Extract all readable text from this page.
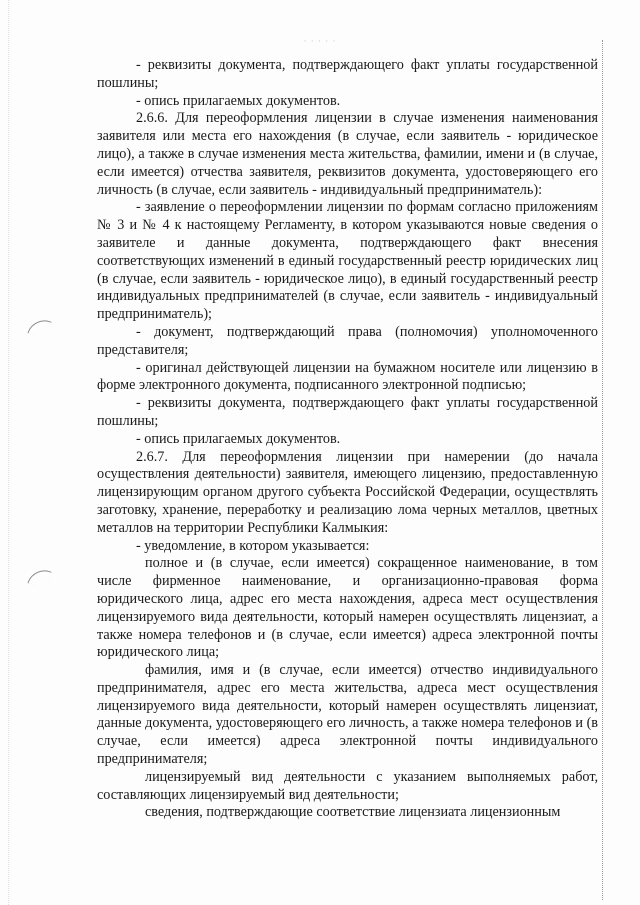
· · · · ·

- реквизиты документа, подтверждающего факт уплаты государственной пошлины;

- опись прилагаемых документов.

2.6.6. Для переоформления лицензии в случае изменения наименования заявителя или места его нахождения (в случае, если заявитель - юридическое лицо), а также в случае изменения места жительства, фамилии, имени и (в случае, если имеется) отчества заявителя, реквизитов документа, удостоверяющего его личность (в случае, если заявитель - индивидуальный предприниматель):

- заявление о переоформлении лицензии по формам согласно приложениям № 3 и № 4 к настоящему Регламенту, в котором указываются новые сведения о заявителе и данные документа, подтверждающего факт внесения соответствующих изменений в единый государственный реестр юридических лиц (в случае, если заявитель - юридическое лицо), в единый государственный реестр индивидуальных предпринимателей (в случае, если заявитель - индивидуальный предприниматель);

- документ, подтверждающий права (полномочия) уполномоченного представителя;

- оригинал действующей лицензии на бумажном носителе или лицензию в форме электронного документа, подписанного электронной подписью;

- реквизиты документа, подтверждающего факт уплаты государственной пошлины;

- опись прилагаемых документов.

2.6.7. Для переоформления лицензии при намерении (до начала осуществления деятельности) заявителя, имеющего лицензию, предоставленную лицензирующим органом другого субъекта Российской Федерации, осуществлять заготовку, хранение, переработку и реализацию лома черных металлов, цветных металлов на территории Республики Калмыкия:

- уведомление, в котором указывается:

полное и (в случае, если имеется) сокращенное наименование, в том числе фирменное наименование, и организационно-правовая форма юридического лица, адрес его места нахождения, адреса мест осуществления лицензируемого вида деятельности, который намерен осуществлять лицензиат, а также номера телефонов и (в случае, если имеется) адреса электронной почты юридического лица;

фамилия, имя и (в случае, если имеется) отчество индивидуального предпринимателя, адрес его места жительства, адреса мест осуществления лицензируемого вида деятельности, который намерен осуществлять лицензиат, данные документа, удостоверяющего его личность, а также номера телефонов и (в случае, если имеется) адреса электронной почты индивидуального предпринимателя;

лицензируемый вид деятельности с указанием выполняемых работ, составляющих лицензируемый вид деятельности;

сведения, подтверждающие соответствие лицензиата лицензионным
